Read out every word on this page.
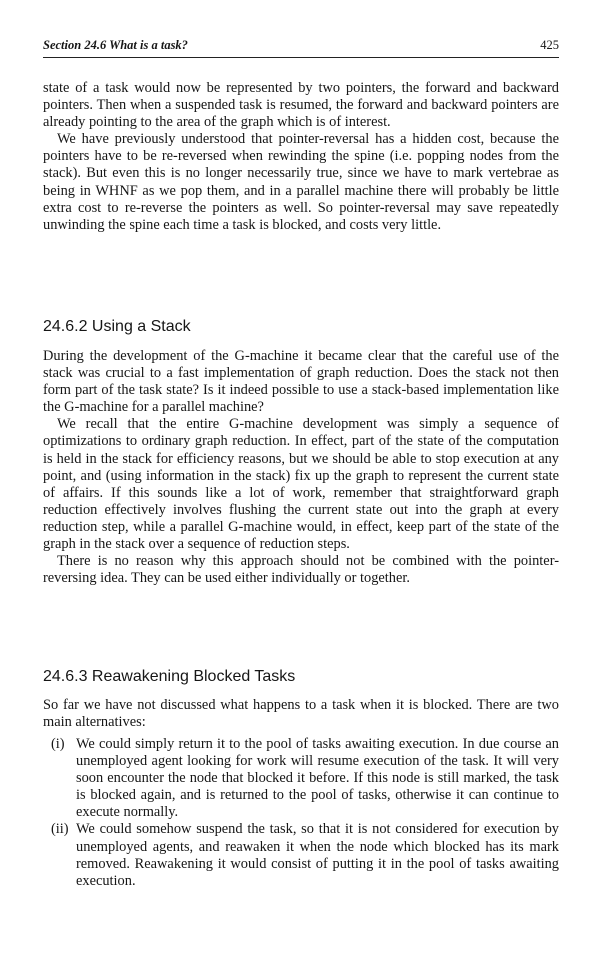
Section 24.6 What is a task?	425

state of a task would now be represented by two pointers, the forward and backward pointers. Then when a suspended task is resumed, the forward and backward pointers are already pointing to the area of the graph which is of interest.

We have previously understood that pointer-reversal has a hidden cost, because the pointers have to be re-reversed when rewinding the spine (i.e. popping nodes from the stack). But even this is no longer necessarily true, since we have to mark vertebrae as being in WHNF as we pop them, and in a parallel machine there will probably be little extra cost to re-reverse the pointers as well. So pointer-reversal may save repeatedly unwinding the spine each time a task is blocked, and costs very little.

24.6.2 Using a Stack

During the development of the G-machine it became clear that the careful use of the stack was crucial to a fast implementation of graph reduction. Does the stack not then form part of the task state? Is it indeed possible to use a stack-based implementation like the G-machine for a parallel machine?

We recall that the entire G-machine development was simply a sequence of optimizations to ordinary graph reduction. In effect, part of the state of the computation is held in the stack for efficiency reasons, but we should be able to stop execution at any point, and (using information in the stack) fix up the graph to represent the current state of affairs. If this sounds like a lot of work, remember that straightforward graph reduction effectively involves flushing the current state out into the graph at every reduction step, while a parallel G-machine would, in effect, keep part of the state of the graph in the stack over a sequence of reduction steps.

There is no reason why this approach should not be combined with the pointer-reversing idea. They can be used either individually or together.

24.6.3 Reawakening Blocked Tasks

So far we have not discussed what happens to a task when it is blocked. There are two main alternatives:

(i) We could simply return it to the pool of tasks awaiting execution. In due course an unemployed agent looking for work will resume execution of the task. It will very soon encounter the node that blocked it before. If this node is still marked, the task is blocked again, and is returned to the pool of tasks, otherwise it can continue to execute normally.

(ii) We could somehow suspend the task, so that it is not considered for execution by unemployed agents, and reawaken it when the node which blocked has its mark removed. Reawakening it would consist of putting it in the pool of tasks awaiting execution.
